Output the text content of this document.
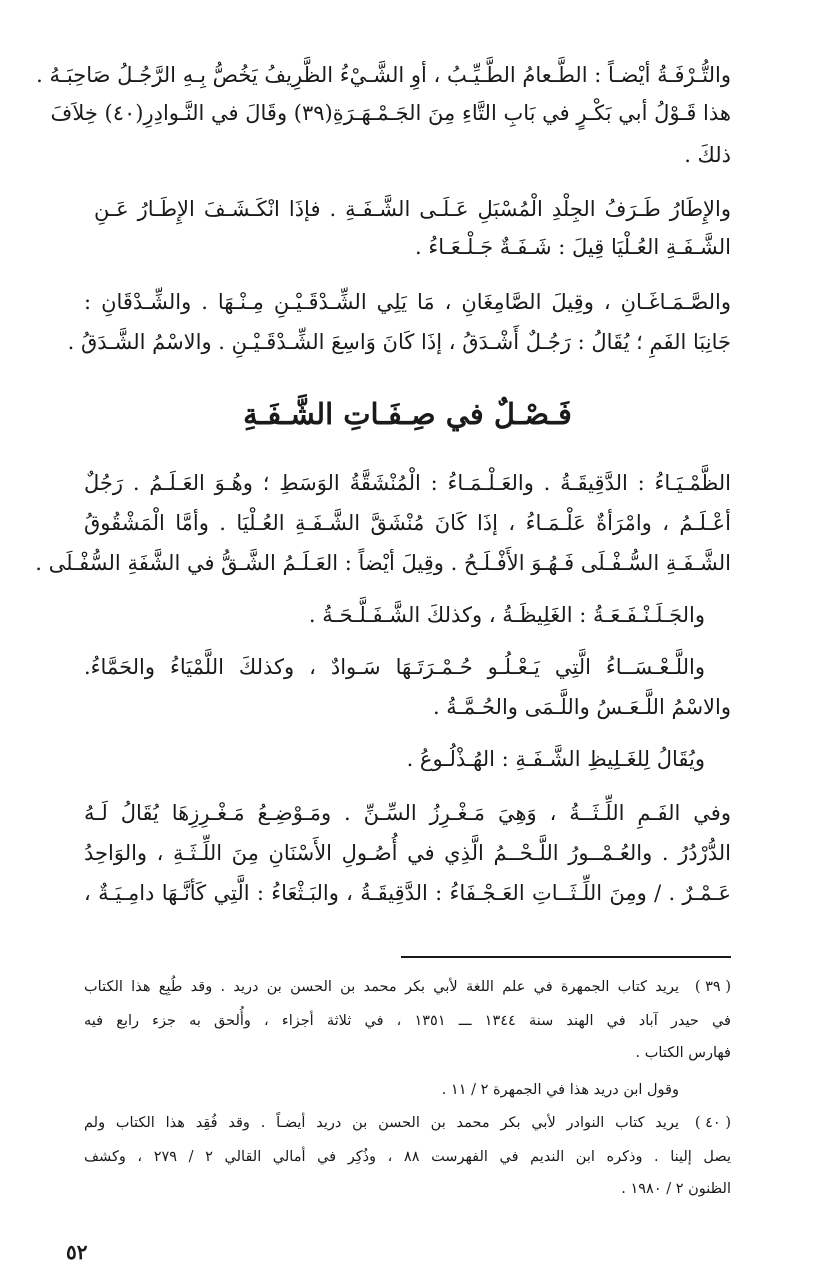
والتُّـرْفَـةُ أيْضـاً : الطَّـعامُ الطَّـيِّـبُ ، أوِ الشَّـيْءُ الظَّرِيفُ يَخُصُّ بِـهِ الرَّجُـلُ صَاحِبَـهُ .
هذا قَـوْلُ أبي بَكْـرٍ في بَابِ التَّاءِ مِنَ الجَـمْـهَـرَةِ(٣٩) وقَالَ في النَّـوادِرِ(٤٠) خِلاَفَ
ذلكَ .
والإِطَارُ طَـرَفُ الجِلْدِ الْمُسْبَلِ عَـلَـى الشَّـفَـةِ . فإذَا انْكَـشَـفَ الإِطَـارُ عَـنِ
الشَّـفَـةِ العُـلْيَا قِيلَ : شَـفَـةٌ جَـلْـعَـاءُ .
والصَّـمَـاغَـانِ ، وقِيلَ الصَّامِغَانِ ، مَا يَلِي الشِّـدْقَـيْـنِ مِـنْـهَا . والشِّـدْقَانِ :
جَانِبَا الفَمِ ؛ يُقَالُ : رَجُـلٌ أَشْـدَقُ ، إذَا كَانَ وَاسِعَ الشِّـدْقَـيْـنِ . والاسْمُ الشَّـدَقُ .
فَـصْـلٌ في صِـفَـاتِ الشَّـفَـةِ
الظَّمْـيَـاءُ : الدَّقِيقَـةُ . والعَـلْـمَـاءُ : الْمُنْشَقَّةُ الوَسَطِ ؛ وهُـوَ العَـلَـمُ . رَجُلٌ
أعْـلَـمُ ، وامْرَأةٌ عَلْـمَـاءُ ، إذَا كَانَ مُنْشَقَّ الشَّـفَـةِ العُـلْيَا . وأمَّا الْمَشْقُوقُ
الشَّـفَـةِ السُّـفْـلَى فَـهُـوَ الأَفْـلَـحُ . وقِيلَ أيْضاً : العَـلَـمُ الشَّـقُّ في الشَّفَةِ السُّفْـلَى .
والجَـلَـنْـفَـعَـةُ : الغَلِيظَـةُ ، وكذلكَ الشَّـفَـلَّـحَـةُ .
واللَّـعْـسَــاءُ الَّتِي يَـعْـلُـو حُـمْـرَتَـهَا سَـوادٌ ، وكذلكَ اللَّمْيَاءُ والحَمَّاءُ.
والاسْمُ اللَّـعَـسُ واللَّـمَى والحُـمَّـةُ .
ويُقَالُ لِلغَـلِيظِ الشَّـفَـةِ : الهُـذْلُـوعُ .
وفي الفَـمِ اللِّـثَــةُ ، وَهِيَ مَـغْـرِزُ السِّـنِّ . ومَـوْضِـعُ مَـغْـرِزِهَا يُقَالُ لَـهُ
الدُّرْدُرُ . والعُـمْــورُ اللَّـحْــمُ الَّذِي في أُصُـولِ الأَسْنَانِ مِنَ اللِّـثَـةِ ، والوَاحِدُ
عَـمْـرٌ . / ومِنَ اللِّـثَــاتِ العَـجْـفَاءُ : الدَّقِيقَـةُ ، والبَـثْعَاءُ : الَّتِي كَأنَّـهَا دامِـيَـةٌ ،
( ٣٩ )
يريد كتاب الجمهرة في علم اللغة لأبي بكر محمد بن الحسن بن دريد . وقد طُبِع هذا الكتاب
في حيدر آباد في الهند سنة ١٣٤٤ ـــ ١٣٥١ ، في ثلاثة أجزاء ، وأُلحق به جزء رابع فيه
فهارس الكتاب .
وقول ابن دريد هذا في الجمهرة ٢ / ١١ .
( ٤٠ )
يريد كتاب النوادر لأبي بكر محمد بن الحسن بن دريد أيضـاً . وقد فُقِد هذا الكتاب ولم
يصل إلينا . وذكره ابن النديم في الفهرست ٨٨ ، وذُكِر في أمالي القالي ٢ / ٢٧٩ ، وكشف
الظنون ٢ / ١٩٨٠ .
٥٢
